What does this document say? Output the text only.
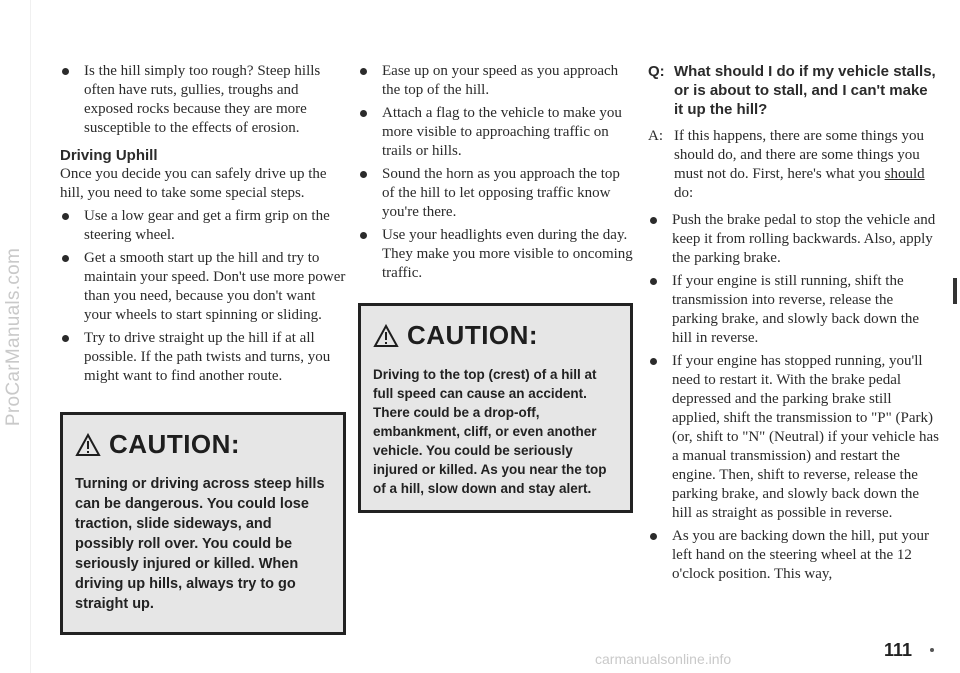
ProCarManuals.com
Is the hill simply too rough? Steep hills often have ruts, gullies, troughs and exposed rocks because they are more susceptible to the effects of erosion.
Driving Uphill

Once you decide you can safely drive up the hill, you need to take some special steps.

Use a low gear and get a firm grip on the steering wheel.
Get a smooth start up the hill and try to maintain your speed. Don't use more power than you need, because you don't want your wheels to start spinning or sliding.
Try to drive straight up the hill if at all possible. If the path twists and turns, you might want to find another route.
CAUTION:
Turning or driving across steep hills can be dangerous. You could lose traction, slide sideways, and possibly roll over. You could be seriously injured or killed. When driving up hills, always try to go straight up.
Ease up on your speed as you approach the top of the hill.
Attach a flag to the vehicle to make you more visible to approaching traffic on trails or hills.
Sound the horn as you approach the top of the hill to let opposing traffic know you're there.
Use your headlights even during the day. They make you more visible to oncoming traffic.
CAUTION:
Driving to the top (crest) of a hill at full speed can cause an accident. There could be a drop-off, embankment, cliff, or even another vehicle. You could be seriously injured or killed. As you near the top of a hill, slow down and stay alert.
Q: What should I do if my vehicle stalls, or is about to stall, and I can't make it up the hill?
A: If this happens, there are some things you should do, and there are some things you must not do. First, here's what you should do:
Push the brake pedal to stop the vehicle and keep it from rolling backwards. Also, apply the parking brake.
If your engine is still running, shift the transmission into reverse, release the parking brake, and slowly back down the hill in reverse.
If your engine has stopped running, you'll need to restart it. With the brake pedal depressed and the parking brake still applied, shift the transmission to "P" (Park) (or, shift to "N" (Neutral) if your vehicle has a manual transmission) and restart the engine. Then, shift to reverse, release the parking brake, and slowly back down the hill as straight as possible in reverse.
As you are backing down the hill, put your left hand on the steering wheel at the 12 o'clock position. This way,
111
carmanualsonline.info
